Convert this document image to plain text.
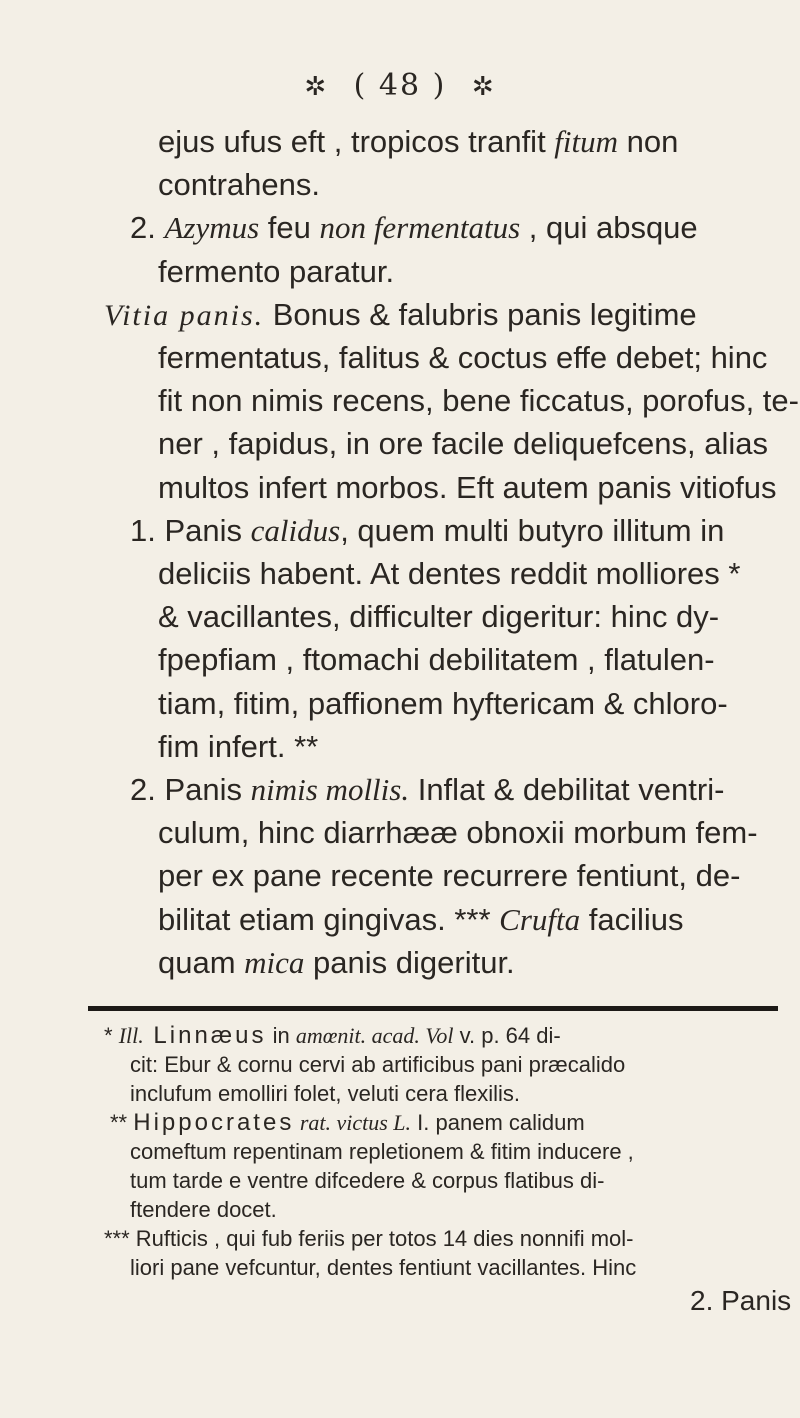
✲ ( 48 ) ✲
ejus ufus eft , tropicos tranfit fitum non
contrahens.
2. Azymus feu non fermentatus , qui absque
fermento paratur.
Vitia panis. Bonus & falubris panis legitime
fermentatus, falitus & coctus effe debet; hinc
fit non nimis recens, bene ficcatus, porofus, te-
ner , fapidus, in ore facile deliquefcens, alias
multos infert morbos. Eft autem panis vitiofus
1. Panis calidus, quem multi butyro illitum in
deliciis habent. At dentes reddit molliores *
& vacillantes, difficulter digeritur: hinc dy-
fpepfiam , ftomachi debilitatem , flatulen-
tiam, fitim, paffionem hyftericam & chloro-
fim infert. **
2. Panis nimis mollis. Inflat & debilitat ventri-
culum, hinc diarrhææ obnoxii morbum fem-
per ex pane recente recurrere fentiunt, de-
bilitat etiam gingivas. *** Crufta facilius
quam mica panis digeritur.
* Ill. Linnæus in amœnit. acad. Vol v. p. 64 di-
cit: Ebur & cornu cervi ab artificibus pani præcalido
inclufum emolliri folet, veluti cera flexilis.
** Hippocrates rat. victus L. I. panem calidum
comeftum repentinam repletionem & fitim inducere ,
tum tarde e ventre difcedere & corpus flatibus di-
ftendere docet.
*** Rufticis , qui fub feriis per totos 14 dies nonnifi mol-
liori pane vefcuntur, dentes fentiunt vacillantes. Hinc
2. Panis
